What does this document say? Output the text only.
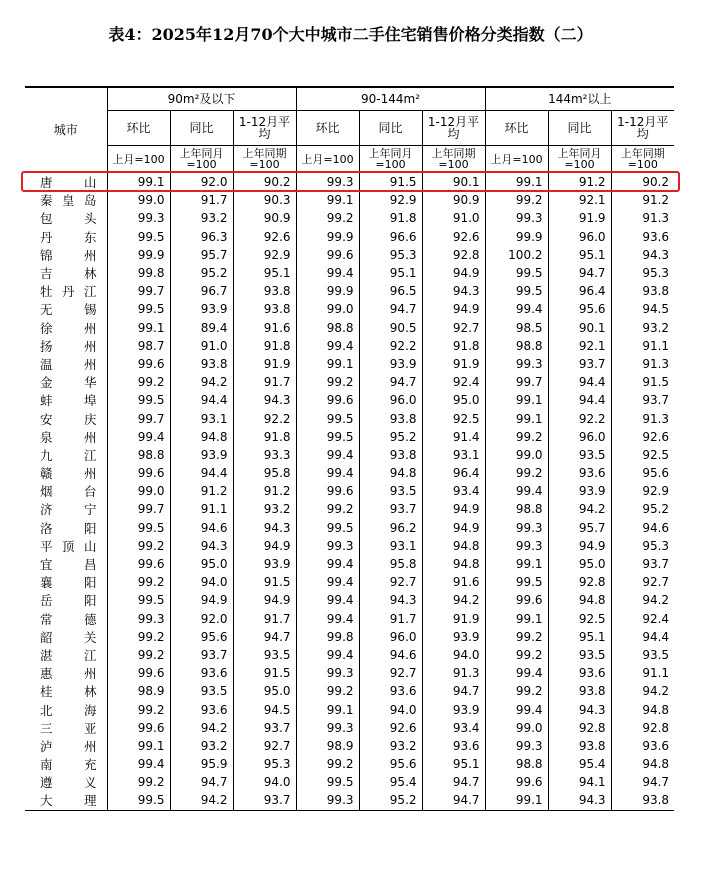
表4：2025年12月70个大中城市二手住宅销售价格分类指数（二）
城市	90m²及以下			90-144m²			144m²以上		
	环比	同比	1-12月平均	环比	同比	1-12月平均	环比	同比	1-12月平均
	上月=100	上年同月=100	上年同期=100	上月=100	上年同月=100	上年同期=100	上月=100	上年同月=100	上年同期=100
唐山	99.1	92.0	90.2	99.3	91.5	90.1	99.1	91.2	90.2
秦皇岛	99.0	91.7	90.3	99.1	92.9	90.9	99.2	92.1	91.2
包头	99.3	93.2	90.9	99.2	91.8	91.0	99.3	91.9	91.3
丹东	99.5	96.3	92.6	99.9	96.6	92.6	99.9	96.0	93.6
锦州	99.9	95.7	92.9	99.6	95.3	92.8	100.2	95.1	94.3
吉林	99.8	95.2	95.1	99.4	95.1	94.9	99.5	94.7	95.3
牡丹江	99.7	96.7	93.8	99.9	96.5	94.3	99.5	96.4	93.8
无锡	99.5	93.9	93.8	99.0	94.7	94.9	99.4	95.6	94.5
徐州	99.1	89.4	91.6	98.8	90.5	92.7	98.5	90.1	93.2
扬州	98.7	91.0	91.8	99.4	92.2	91.8	98.8	92.1	91.1
温州	99.6	93.8	91.9	99.1	93.9	91.9	99.3	93.7	91.3
金华	99.2	94.2	91.7	99.2	94.7	92.4	99.7	94.4	91.5
蚌埠	99.5	94.4	94.3	99.6	96.0	95.0	99.1	94.4	93.7
安庆	99.7	93.1	92.2	99.5	93.8	92.5	99.1	92.2	91.3
泉州	99.4	94.8	91.8	99.5	95.2	91.4	99.2	96.0	92.6
九江	98.8	93.9	93.3	99.4	93.8	93.1	99.0	93.5	92.5
赣州	99.6	94.4	95.8	99.4	94.8	96.4	99.2	93.6	95.6
烟台	99.0	91.2	91.2	99.6	93.5	93.4	99.4	93.9	92.9
济宁	99.7	91.1	93.2	99.2	93.7	94.9	98.8	94.2	95.2
洛阳	99.5	94.6	94.3	99.5	96.2	94.9	99.3	95.7	94.6
平顶山	99.2	94.3	94.9	99.3	93.1	94.8	99.3	94.9	95.3
宜昌	99.6	95.0	93.9	99.4	95.8	94.8	99.1	95.0	93.7
襄阳	99.2	94.0	91.5	99.4	92.7	91.6	99.5	92.8	92.7
岳阳	99.5	94.9	94.9	99.4	94.3	94.2	99.6	94.8	94.2
常德	99.3	92.0	91.7	99.4	91.7	91.9	99.1	92.5	92.4
韶关	99.2	95.6	94.7	99.8	96.0	93.9	99.2	95.1	94.4
湛江	99.2	93.7	93.5	99.4	94.6	94.0	99.2	93.5	93.5
惠州	99.6	93.6	91.5	99.3	92.7	91.3	99.4	93.6	91.1
桂林	98.9	93.5	95.0	99.2	93.6	94.7	99.2	93.8	94.2
北海	99.2	93.6	94.5	99.1	94.0	93.9	99.4	94.3	94.8
三亚	99.6	94.2	93.7	99.3	92.6	93.4	99.0	92.8	92.8
泸州	99.1	93.2	92.7	98.9	93.2	93.6	99.3	93.8	93.6
南充	99.4	95.9	95.3	99.2	95.6	95.1	98.8	95.4	94.8
遵义	99.2	94.7	94.0	99.5	95.4	94.7	99.6	94.1	94.7
大理	99.5	94.2	93.7	99.3	95.2	94.7	99.1	94.3	93.8
